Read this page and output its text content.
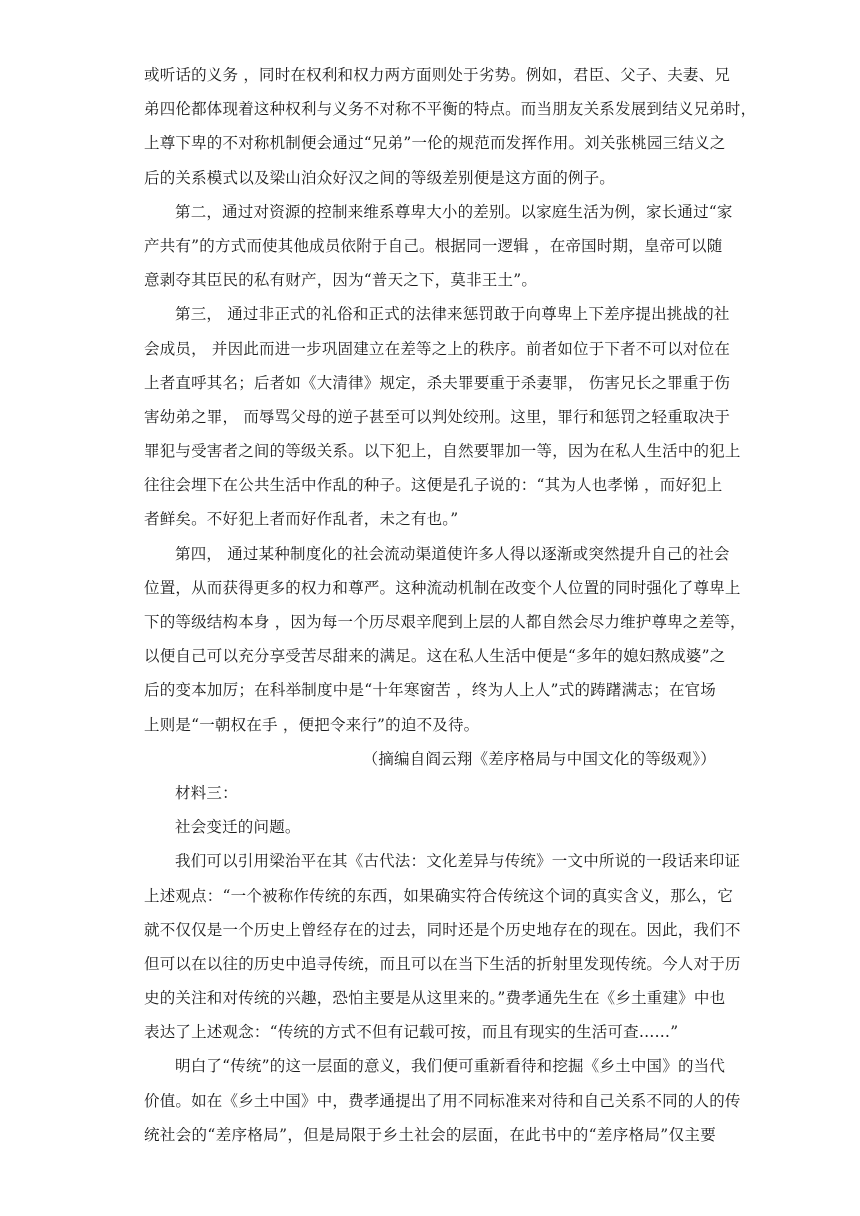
或听话的义务 ，同时在权利和权力两方面则处于劣势。例如，君臣、父子、夫妻、兄
弟四伦都体现着这种权利与义务不对称不平衡的特点。而当朋友关系发展到结义兄弟时，
上尊下卑的不对称机制便会通过“兄弟”一伦的规范而发挥作用。刘关张桃园三结义之
后的关系模式以及梁山泊众好汉之间的等级差别便是这方面的例子。
第二，通过对资源的控制来维系尊卑大小的差别。以家庭生活为例，家长通过“家
产共有”的方式而使其他成员依附于自己。根据同一逻辑 ，在帝国时期，皇帝可以随
意剥夺其臣民的私有财产，因为“普天之下，莫非王土”。
第三， 通过非正式的礼俗和正式的法律来惩罚敢于向尊卑上下差序提出挑战的社
会成员， 并因此而进一步巩固建立在差等之上的秩序。前者如位于下者不可以对位在
上者直呼其名；后者如《大清律》规定，杀夫罪要重于杀妻罪， 伤害兄长之罪重于伤
害幼弟之罪， 而辱骂父母的逆子甚至可以判处绞刑。这里，罪行和惩罚之轻重取决于
罪犯与受害者之间的等级关系。以下犯上，自然要罪加一等，因为在私人生活中的犯上
往往会埋下在公共生活中作乱的种子。这便是孔子说的：“其为人也孝悌 ，而好犯上
者鲜矣。不好犯上者而好作乱者，未之有也。”
第四， 通过某种制度化的社会流动渠道使许多人得以逐渐或突然提升自己的社会
位置，从而获得更多的权力和尊严。这种流动机制在改变个人位置的同时强化了尊卑上
下的等级结构本身 ，因为每一个历尽艰辛爬到上层的人都自然会尽力维护尊卑之差等，
以便自己可以充分享受苦尽甜来的满足。这在私人生活中便是“多年的媳妇熬成婆”之
后的变本加厉；在科举制度中是“十年寒窗苦 ，终为人上人”式的踌躇满志；在官场
上则是“一朝权在手 ，便把令来行”的迫不及待。
（摘编自阎云翔《差序格局与中国文化的等级观》）
材料三：
社会变迁的问题。
我们可以引用梁治平在其《古代法：文化差异与传统》一文中所说的一段话来印证
上述观点：“一个被称作传统的东西，如果确实符合传统这个词的真实含义，那么，它
就不仅仅是一个历史上曾经存在的过去，同时还是个历史地存在的现在。因此，我们不
但可以在以往的历史中追寻传统，而且可以在当下生活的折射里发现传统。今人对于历
史的关注和对传统的兴趣，恐怕主要是从这里来的。”费孝通先生在《乡土重建》中也
表达了上述观念：“传统的方式不但有记载可按，而且有现实的生活可查……”
明白了“传统”的这一层面的意义，我们便可重新看待和挖掘《乡土中国》的当代
价值。如在《乡土中国》中，费孝通提出了用不同标准来对待和自己关系不同的人的传
统社会的“差序格局”，但是局限于乡土社会的层面，在此书中的“差序格局”仅主要
